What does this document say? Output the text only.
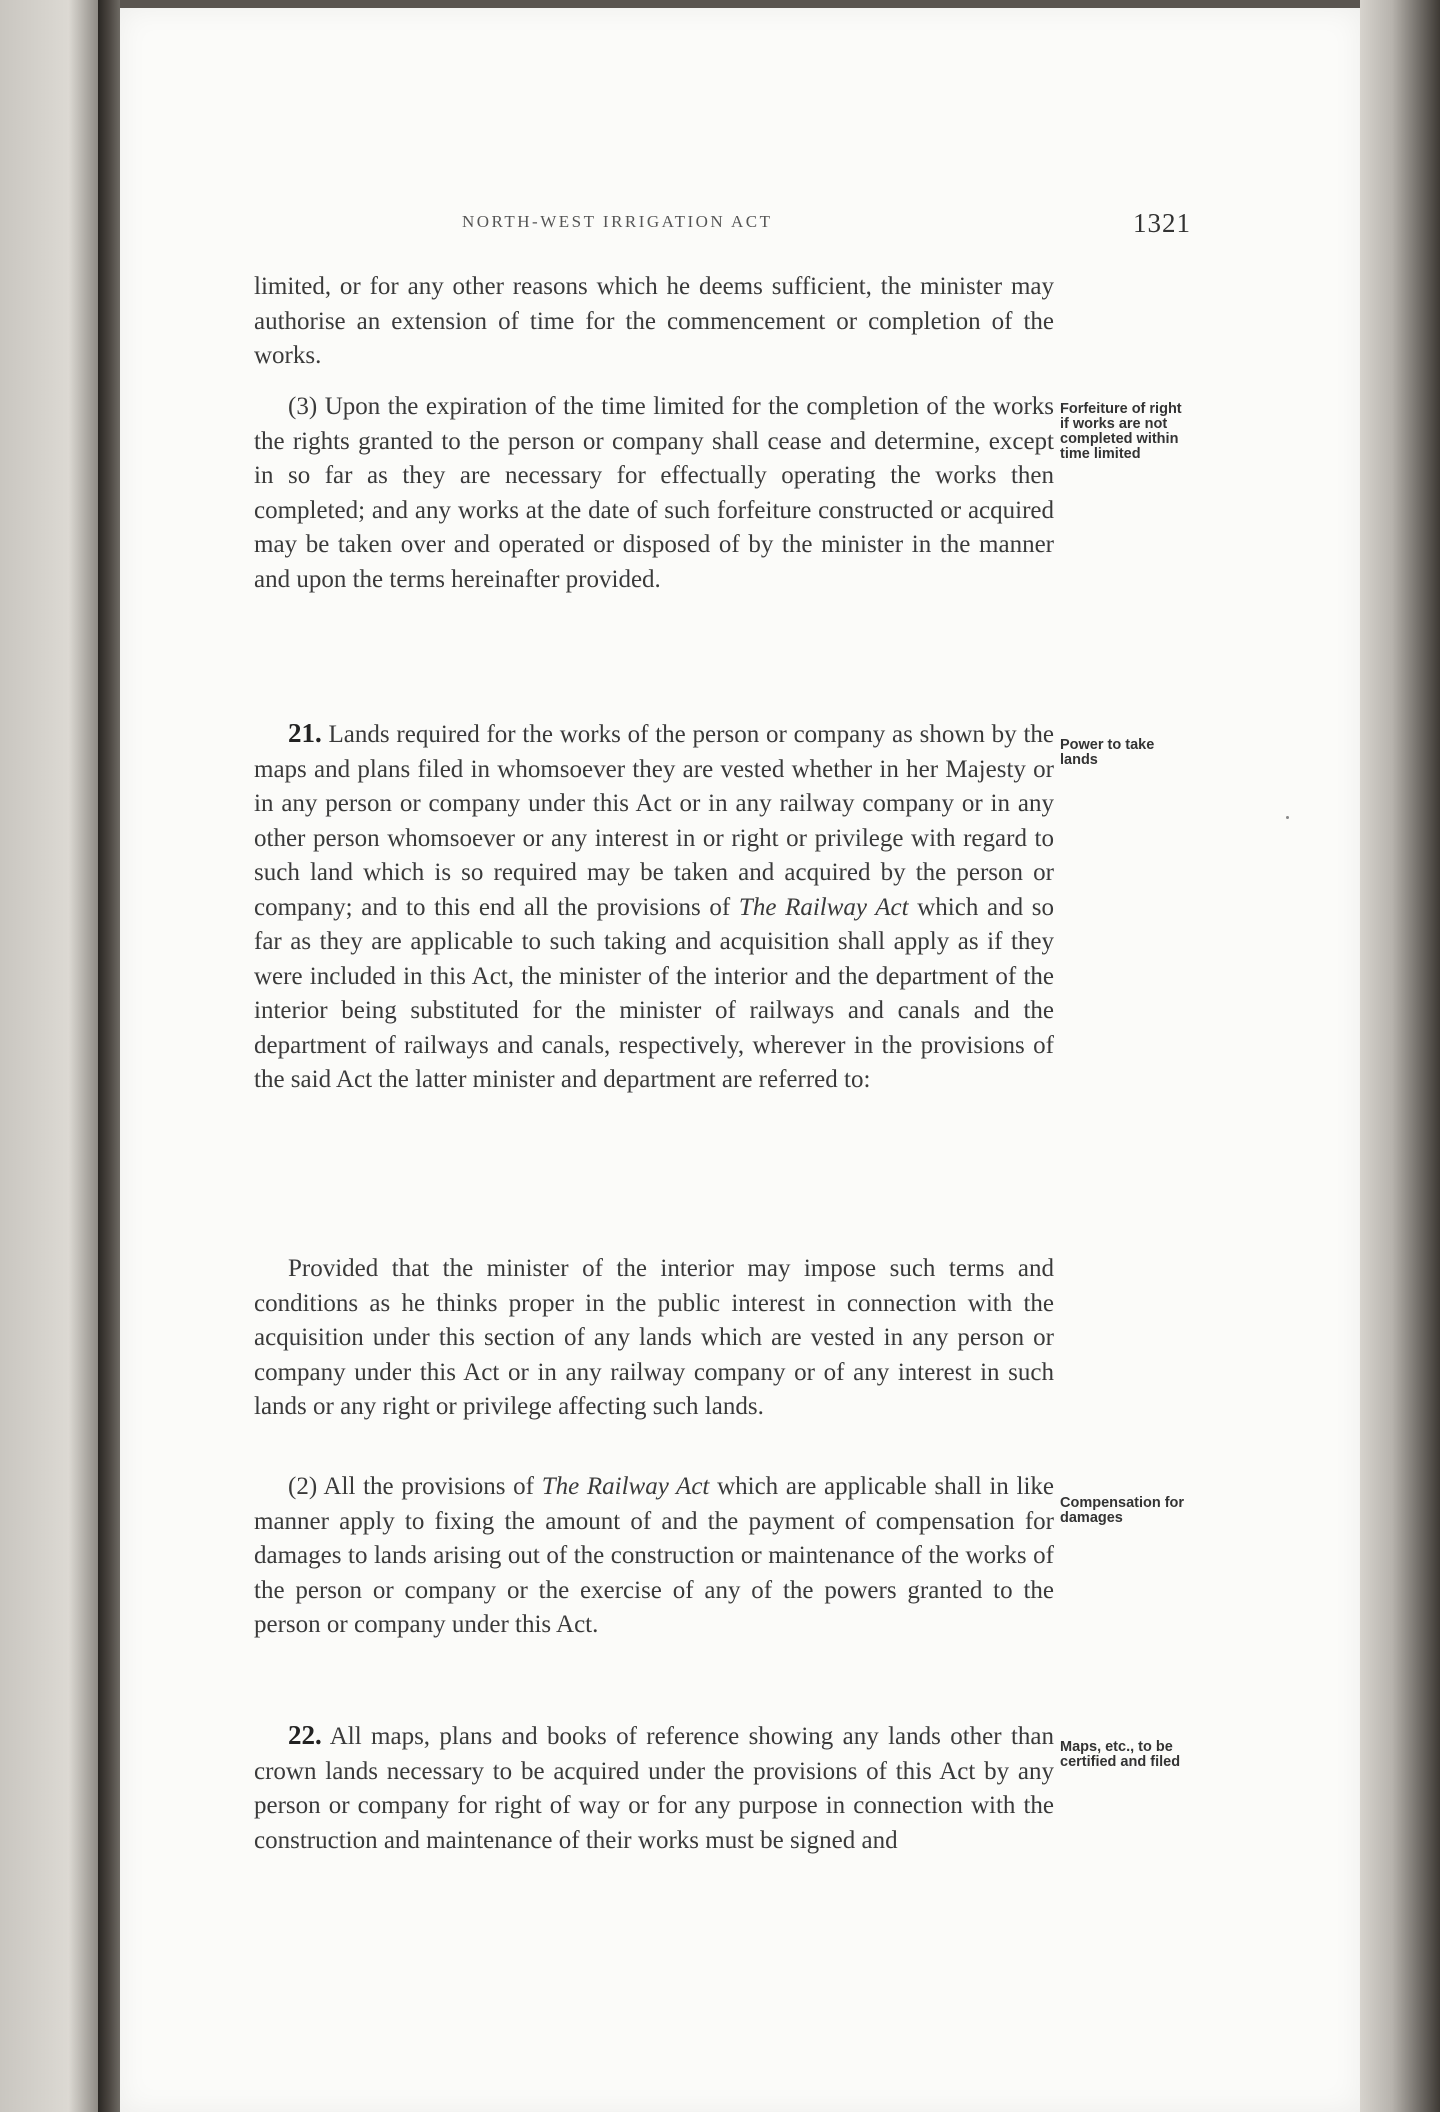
NORTH-WEST IRRIGATION ACT	1321
limited, or for any other reasons which he deems sufficient, the minister may authorise an extension of time for the commencement or completion of the works.
(3) Upon the expiration of the time limited for the completion of the works the rights granted to the person or company shall cease and determine, except in so far as they are necessary for effectually operating the works then completed; and any works at the date of such forfeiture constructed or acquired may be taken over and operated or disposed of by the minister in the manner and upon the terms hereinafter provided.
Forfeiture of right if works are not completed within time limited
21. Lands required for the works of the person or company as shown by the maps and plans filed in whomsoever they are vested whether in her Majesty or in any person or company under this Act or in any railway company or in any other person whomsoever or any interest in or right or privilege with regard to such land which is so required may be taken and acquired by the person or company; and to this end all the provisions of The Railway Act which and so far as they are applicable to such taking and acquisition shall apply as if they were included in this Act, the minister of the interior and the department of the interior being substituted for the minister of railways and canals and the department of railways and canals, respectively, wherever in the provisions of the said Act the latter minister and department are referred to:
Power to take lands
Provided that the minister of the interior may impose such terms and conditions as he thinks proper in the public interest in connection with the acquisition under this section of any lands which are vested in any person or company under this Act or in any railway company or of any interest in such lands or any right or privilege affecting such lands.
(2) All the provisions of The Railway Act which are applicable shall in like manner apply to fixing the amount of and the payment of compensation for damages to lands arising out of the construction or maintenance of the works of the person or company or the exercise of any of the powers granted to the person or company under this Act.
Compensation for damages
22. All maps, plans and books of reference showing any lands other than crown lands necessary to be acquired under the provisions of this Act by any person or company for right of way or for any purpose in connection with the construction and maintenance of their works must be signed and
Maps, etc., to be certified and filed
